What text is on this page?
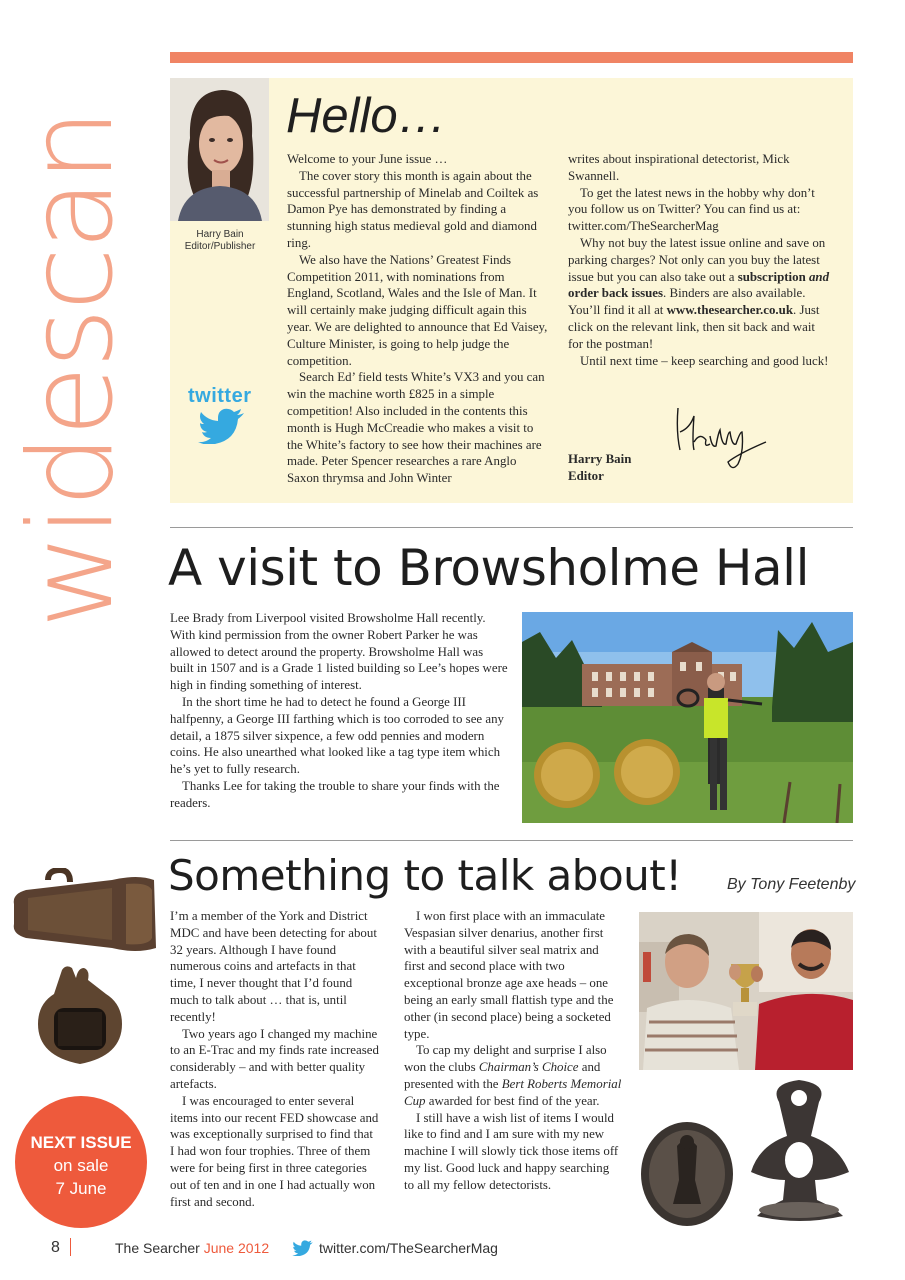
widescan	Harry Bain
Editor/Publisher
twitter
Hello…

Welcome to your June issue …

The cover story this month is again about the successful partnership of Minelab and Coiltek as Damon Pye has demonstrated by finding a stunning high status medieval gold and diamond ring.

We also have the Nations’ Greatest Finds Competition 2011, with nominations from England, Scotland, Wales and the Isle of Man. It will certainly make judging difficult again this year. We are delighted to announce that Ed Vaisey, Culture Minister, is going to help judge the competition.

Search Ed’ field tests White’s VX3 and you can win the machine worth £825 in a simple competition! Also included in the contents this month is Hugh McCreadie who makes a visit to the White’s factory to see how their machines are made. Peter Spencer researches a rare Anglo Saxon thrymsa and John Winter

writes about inspirational detectorist, Mick Swannell.

To get the latest news in the hobby why don’t you follow us on Twitter? You can find us at: twitter.com/TheSearcherMag

Why not buy the latest issue online and save on parking charges? Not only can you buy the latest issue but you can also take out a subscription and order back issues. Binders are also available. You’ll find it all at www.thesearcher.co.uk. Just click on the relevant link, then sit back and wait for the postman!

Until next time – keep searching and good luck!

Harry Bain
Editor
A visit to Browsholme Hall

Lee Brady from Liverpool visited Browsholme Hall recently. With kind permission from the owner Robert Parker he was allowed to detect around the property. Browsholme Hall was built in 1507 and is a Grade 1 listed building so Lee’s hopes were high in finding something of interest.

In the short time he had to detect he found a George III halfpenny, a George III farthing which is too corroded to see any detail, a 1875 silver sixpence, a few odd pennies and modern coins. He also unearthed what looked like a tag type item which he’s yet to fully research.

Thanks Lee for taking the trouble to share your finds with the readers.

Something to talk about!	By Tony Feetenby

I’m a member of the York and District MDC and have been detecting for about 32 years. Although I have found numerous coins and artefacts in that time, I never thought that I’d found much to talk about … that is, until recently!

Two years ago I changed my machine to an E-Trac and my finds rate increased considerably – and with better quality artefacts.

I was encouraged to enter several items into our recent FED showcase and was exceptionally surprised to find that I had won four trophies. Three of them were for being first in three categories out of ten and in one I had actually won first and second.

I won first place with an immaculate Vespasian silver denarius, another first with a beautiful silver seal matrix and first and second place with two exceptional bronze age axe heads – one being an early small flattish type and the other (in second place) being a socketed type.

To cap my delight and surprise I also won the clubs Chairman’s Choice and presented with the Bert Roberts Memorial Cup awarded for best find of the year.

I still have a wish list of items I would like to find and I am sure with my new machine I will slowly tick those items off my list. Good luck and happy searching to all my fellow detectorists.

NEXT ISSUE
on sale
7 June
8	The Searcher June 2012	twitter.com/TheSearcherMag
